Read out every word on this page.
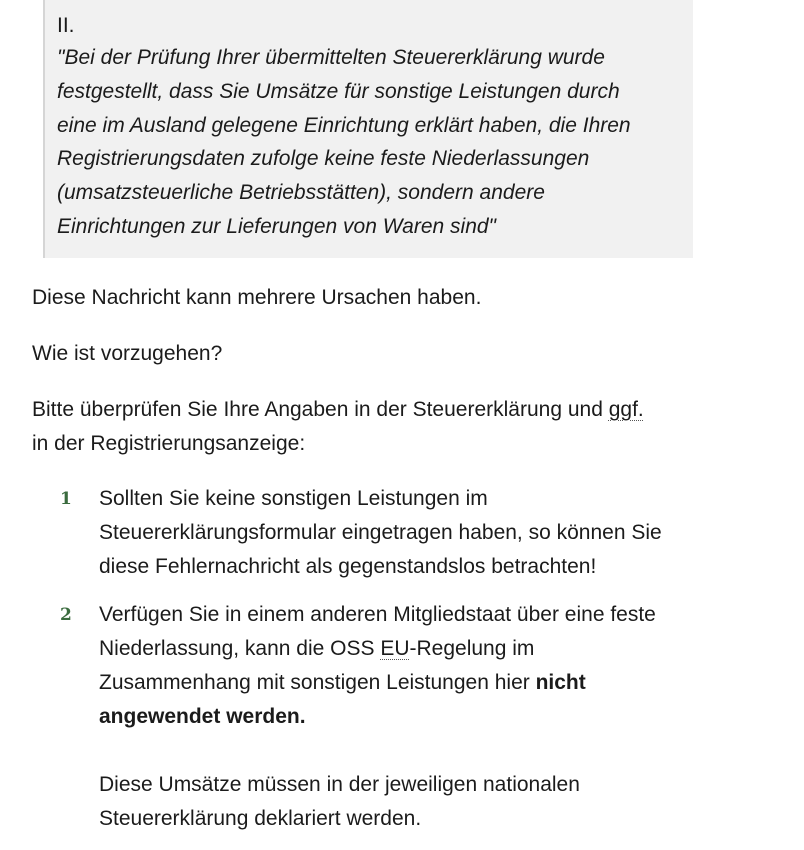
II.
"Bei der Prüfung Ihrer übermittelten Steuererklärung wurde
festgestellt, dass Sie Umsätze für sonstige Leistungen durch
eine im Ausland gelegene Einrichtung erklärt haben, die Ihren
Registrierungsdaten zufolge keine feste Niederlassungen
(umsatzsteuerliche Betriebsstätten), sondern andere
Einrichtungen zur Lieferungen von Waren sind"

Diese Nachricht kann mehrere Ursachen haben.

Wie ist vorzugehen?

Bitte überprüfen Sie Ihre Angaben in der Steuererklärung und ggf.
in der Registrierungsanzeige:

1	Sollten Sie keine sonstigen Leistungen im

Steuererklärungsformular eingetragen haben, so können Sie

diese Fehlernachricht als gegenstandslos betrachten!

2	Verfügen Sie in einem anderen Mitgliedstaat über eine feste

Niederlassung, kann die OSS EU-Regelung im

Zusammenhang mit sonstigen Leistungen hier nicht

angewendet werden.

Diese Umsätze müssen in der jeweiligen nationalen

Steuererklärung deklariert werden.
